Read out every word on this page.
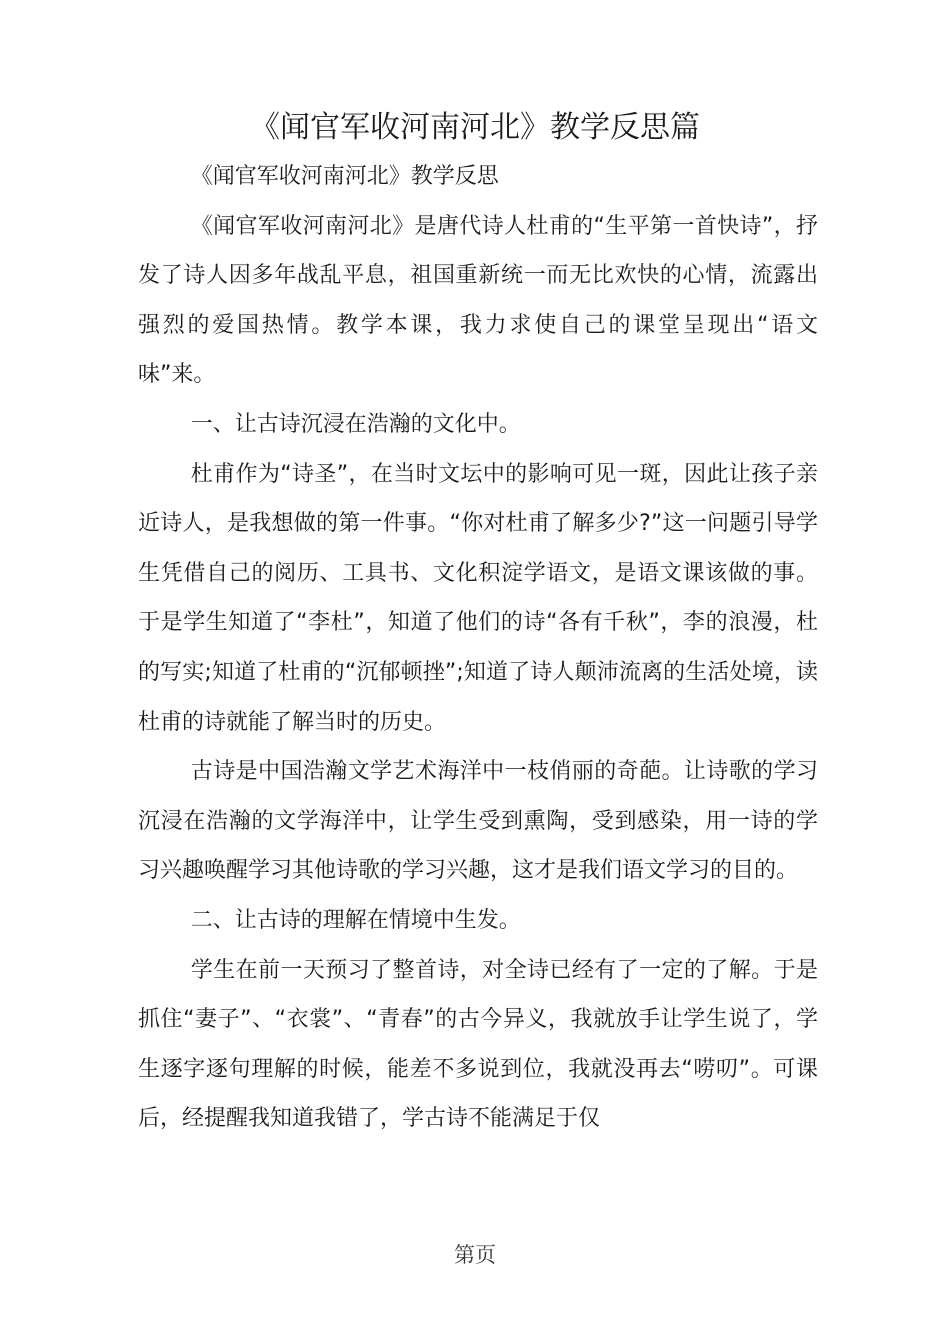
《闻官军收河南河北》教学反思篇

《闻官军收河南河北》教学反思

《闻官军收河南河北》是唐代诗人杜甫的“生平第一首快诗”，抒发了诗人因多年战乱平息，祖国重新统一而无比欢快的心情，流露出强烈的爱国热情。教学本课，我力求使自己的课堂呈现出“语文味”来。

一、让古诗沉浸在浩瀚的文化中。

杜甫作为“诗圣”，在当时文坛中的影响可见一斑，因此让孩子亲近诗人，是我想做的第一件事。“你对杜甫了解多少?”这一问题引导学生凭借自己的阅历、工具书、文化积淀学语文，是语文课该做的事。于是学生知道了“李杜”，知道了他们的诗“各有千秋”，李的浪漫，杜的写实;知道了杜甫的“沉郁顿挫”;知道了诗人颠沛流离的生活处境，读杜甫的诗就能了解当时的历史。

古诗是中国浩瀚文学艺术海洋中一枝俏丽的奇葩。让诗歌的学习沉浸在浩瀚的文学海洋中，让学生受到熏陶，受到感染，用一诗的学习兴趣唤醒学习其他诗歌的学习兴趣，这才是我们语文学习的目的。

二、让古诗的理解在情境中生发。

学生在前一天预习了整首诗，对全诗已经有了一定的了解。于是抓住“妻子”、“衣裳”、“青春”的古今异义，我就放手让学生说了，学生逐字逐句理解的时候，能差不多说到位，我就没再去“唠叨”。可课后，经提醒我知道我错了，学古诗不能满足于仅

第页
